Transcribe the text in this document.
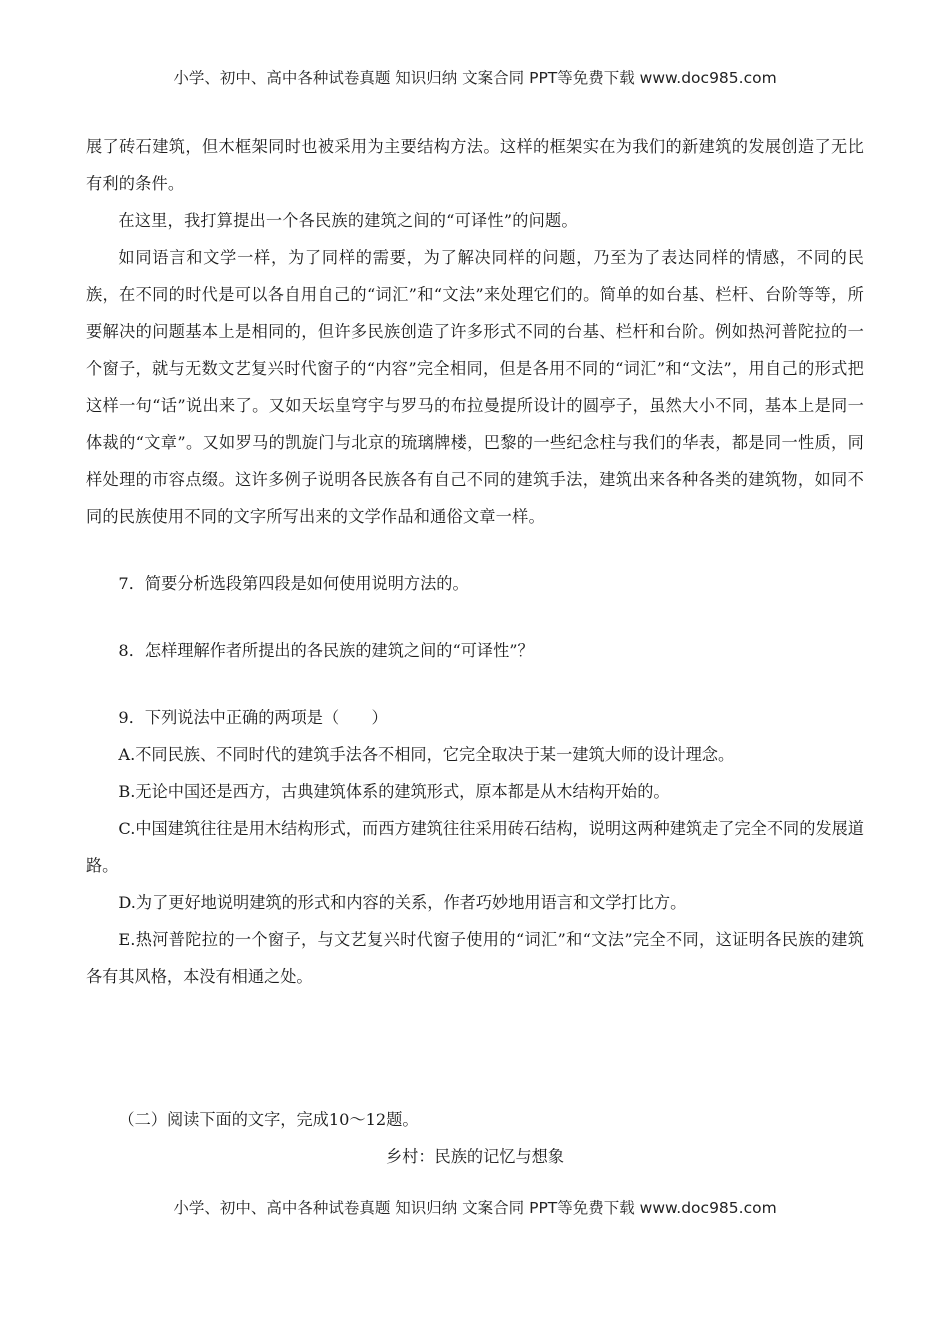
小学、初中、高中各种试卷真题 知识归纳 文案合同 PPT等免费下载 www.doc985.com

展了砖石建筑，但木框架同时也被采用为主要结构方法。这样的框架实在为我们的新建筑的发展创造了无比有利的条件。

在这里，我打算提出一个各民族的建筑之间的“可译性”的问题。

如同语言和文学一样，为了同样的需要，为了解决同样的问题，乃至为了表达同样的情感，不同的民族，在不同的时代是可以各自用自己的“词汇”和“文法”来处理它们的。简单的如台基、栏杆、台阶等等，所要解决的问题基本上是相同的，但许多民族创造了许多形式不同的台基、栏杆和台阶。例如热河普陀拉的一个窗子，就与无数文艺复兴时代窗子的“内容”完全相同，但是各用不同的“词汇”和“文法”，用自己的形式把这样一句“话”说出来了。又如天坛皇穹宇与罗马的布拉曼提所设计的圆亭子，虽然大小不同，基本上是同一体裁的“文章”。又如罗马的凯旋门与北京的琉璃牌楼，巴黎的一些纪念柱与我们的华表，都是同一性质，同样处理的市容点缀。这许多例子说明各民族各有自己不同的建筑手法，建筑出来各种各类的建筑物，如同不同的民族使用不同的文字所写出来的文学作品和通俗文章一样。

7．简要分析选段第四段是如何使用说明方法的。

8．怎样理解作者所提出的各民族的建筑之间的“可译性”？

9．下列说法中正确的两项是（　　）

A.不同民族、不同时代的建筑手法各不相同，它完全取决于某一建筑大师的设计理念。

B.无论中国还是西方，古典建筑体系的建筑形式，原本都是从木结构开始的。

C.中国建筑往往是用木结构形式，而西方建筑往往采用砖石结构，说明这两种建筑走了完全不同的发展道路。

D.为了更好地说明建筑的形式和内容的关系，作者巧妙地用语言和文学打比方。

E.热河普陀拉的一个窗子，与文艺复兴时代窗子使用的“词汇”和“文法”完全不同，这证明各民族的建筑各有其风格，本没有相通之处。

（二）阅读下面的文字，完成10～12题。

乡村：民族的记忆与想象

小学、初中、高中各种试卷真题 知识归纳 文案合同 PPT等免费下载 www.doc985.com
